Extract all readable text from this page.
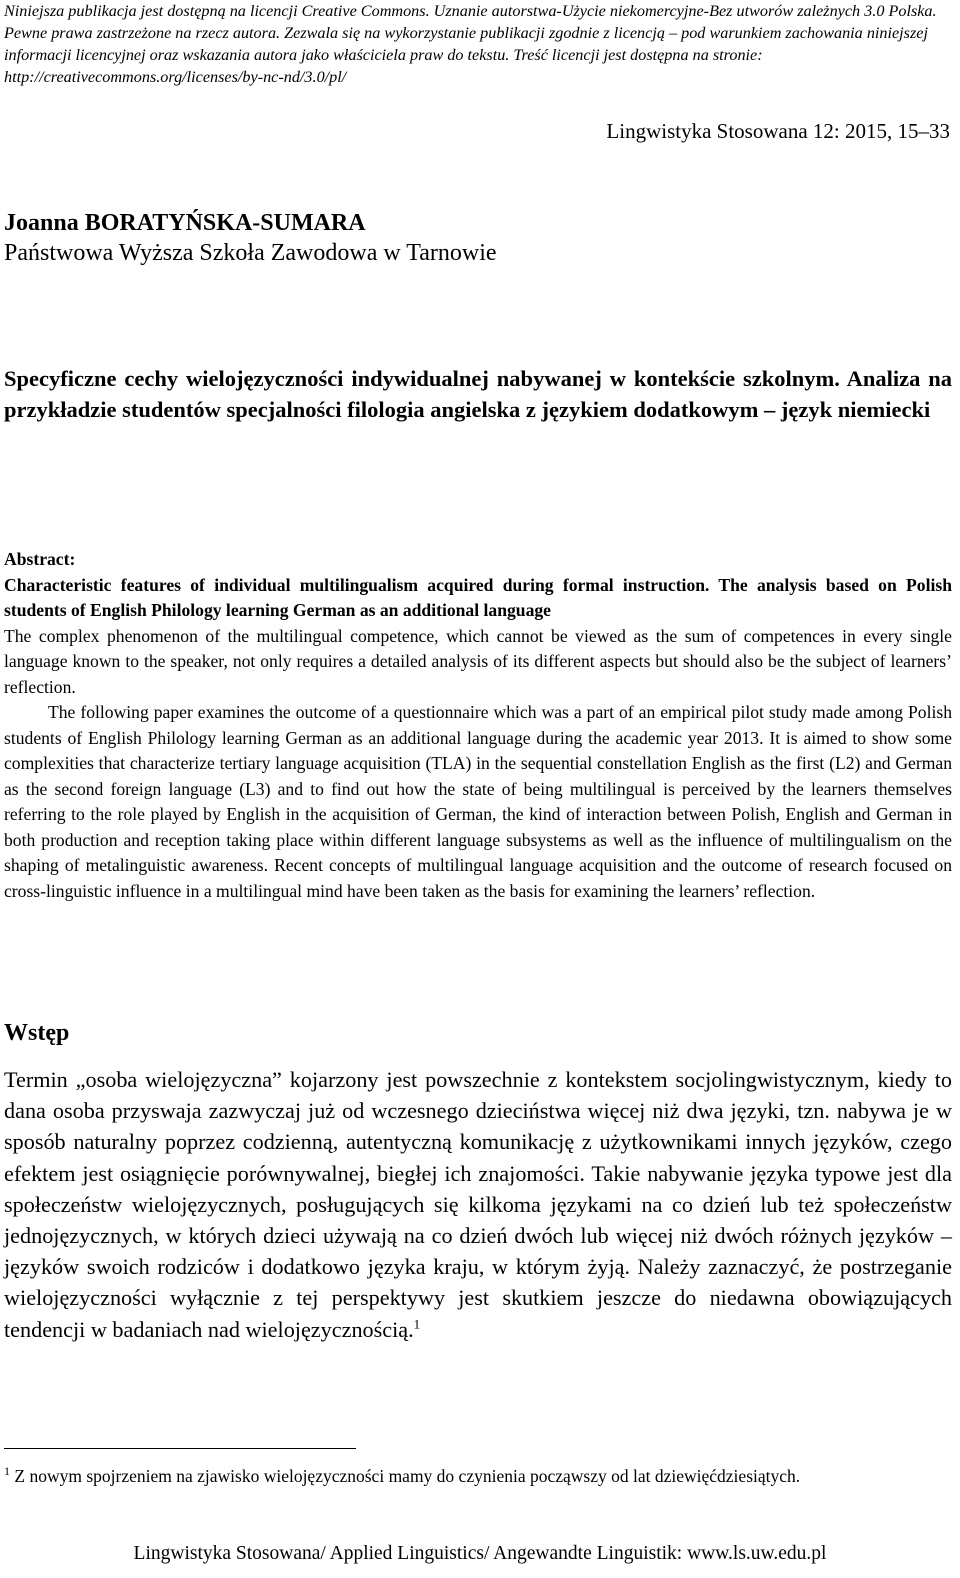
Niniejsza publikacja jest dostępną na licencji Creative Commons. Uznanie autorstwa-Użycie niekomercyjne-Bez utworów zależnych 3.0 Polska. Pewne prawa zastrzeżone na rzecz autora. Zezwala się na wykorzystanie publikacji zgodnie z licencją – pod warunkiem zachowania niniejszej informacji licencyjnej oraz wskazania autora jako właściciela praw do tekstu. Treść licencji jest dostępna na stronie: http://creativecommons.org/licenses/by-nc-nd/3.0/pl/
Lingwistyka Stosowana 12: 2015, 15–33
Joanna BORATYŃSKA-SUMARA
Państwowa Wyższa Szkoła Zawodowa w Tarnowie
Specyficzne cechy wielojęzyczności indywidualnej nabywanej w kontekście szkolnym. Analiza na przykładzie studentów specjalności filologia angielska z językiem dodatkowym – język niemiecki

Abstract:

Characteristic features of individual multilingualism acquired during formal instruction. The analysis based on Polish students of English Philology learning German as an additional language

The complex phenomenon of the multilingual competence, which cannot be viewed as the sum of competences in every single language known to the speaker, not only requires a detailed analysis of its different aspects but should also be the subject of learners’ reflection.

The following paper examines the outcome of a questionnaire which was a part of an empirical pilot study made among Polish students of English Philology learning German as an additional language during the academic year 2013. It is aimed to show some complexities that characterize tertiary language acquisition (TLA) in the sequential constellation English as the first (L2) and German as the second foreign language (L3) and to find out how the state of being multilingual is perceived by the learners themselves referring to the role played by English in the acquisition of German, the kind of interaction between Polish, English and German in both production and reception taking place within different language subsystems as well as the influence of multilingualism on the shaping of metalinguistic awareness. Recent concepts of multilingual language acquisition and the outcome of research focused on cross-linguistic influence in a multilingual mind have been taken as the basis for examining the learners’ reflection.

Wstęp

Termin „osoba wielojęzyczna” kojarzony jest powszechnie z kontekstem socjolingwistycznym, kiedy to dana osoba przyswaja zazwyczaj już od wczesnego dzieciństwa więcej niż dwa języki, tzn. nabywa je w sposób naturalny poprzez codzienną, autentyczną komunikację z użytkownikami innych języków, czego efektem jest osiągnięcie porównywalnej, biegłej ich znajomości. Takie nabywanie języka typowe jest dla społeczeństw wielojęzycznych, posługujących się kilkoma językami na co dzień lub też społeczeństw jednojęzycznych, w których dzieci używają na co dzień dwóch lub więcej niż dwóch różnych języków – języków swoich rodziców i dodatkowo języka kraju, w którym żyją. Należy zaznaczyć, że postrzeganie wielojęzyczności wyłącznie z tej perspektywy jest skutkiem jeszcze do niedawna obowiązujących tendencji w badaniach nad wielojęzycznością.$^1$

$^1$ Z nowym spojrzeniem na zjawisko wielojęzyczności mamy do czynienia począwszy od lat dziewięćdziesiątych.
Lingwistyka Stosowana/ Applied Linguistics/ Angewandte Linguistik: www.ls.uw.edu.pl
